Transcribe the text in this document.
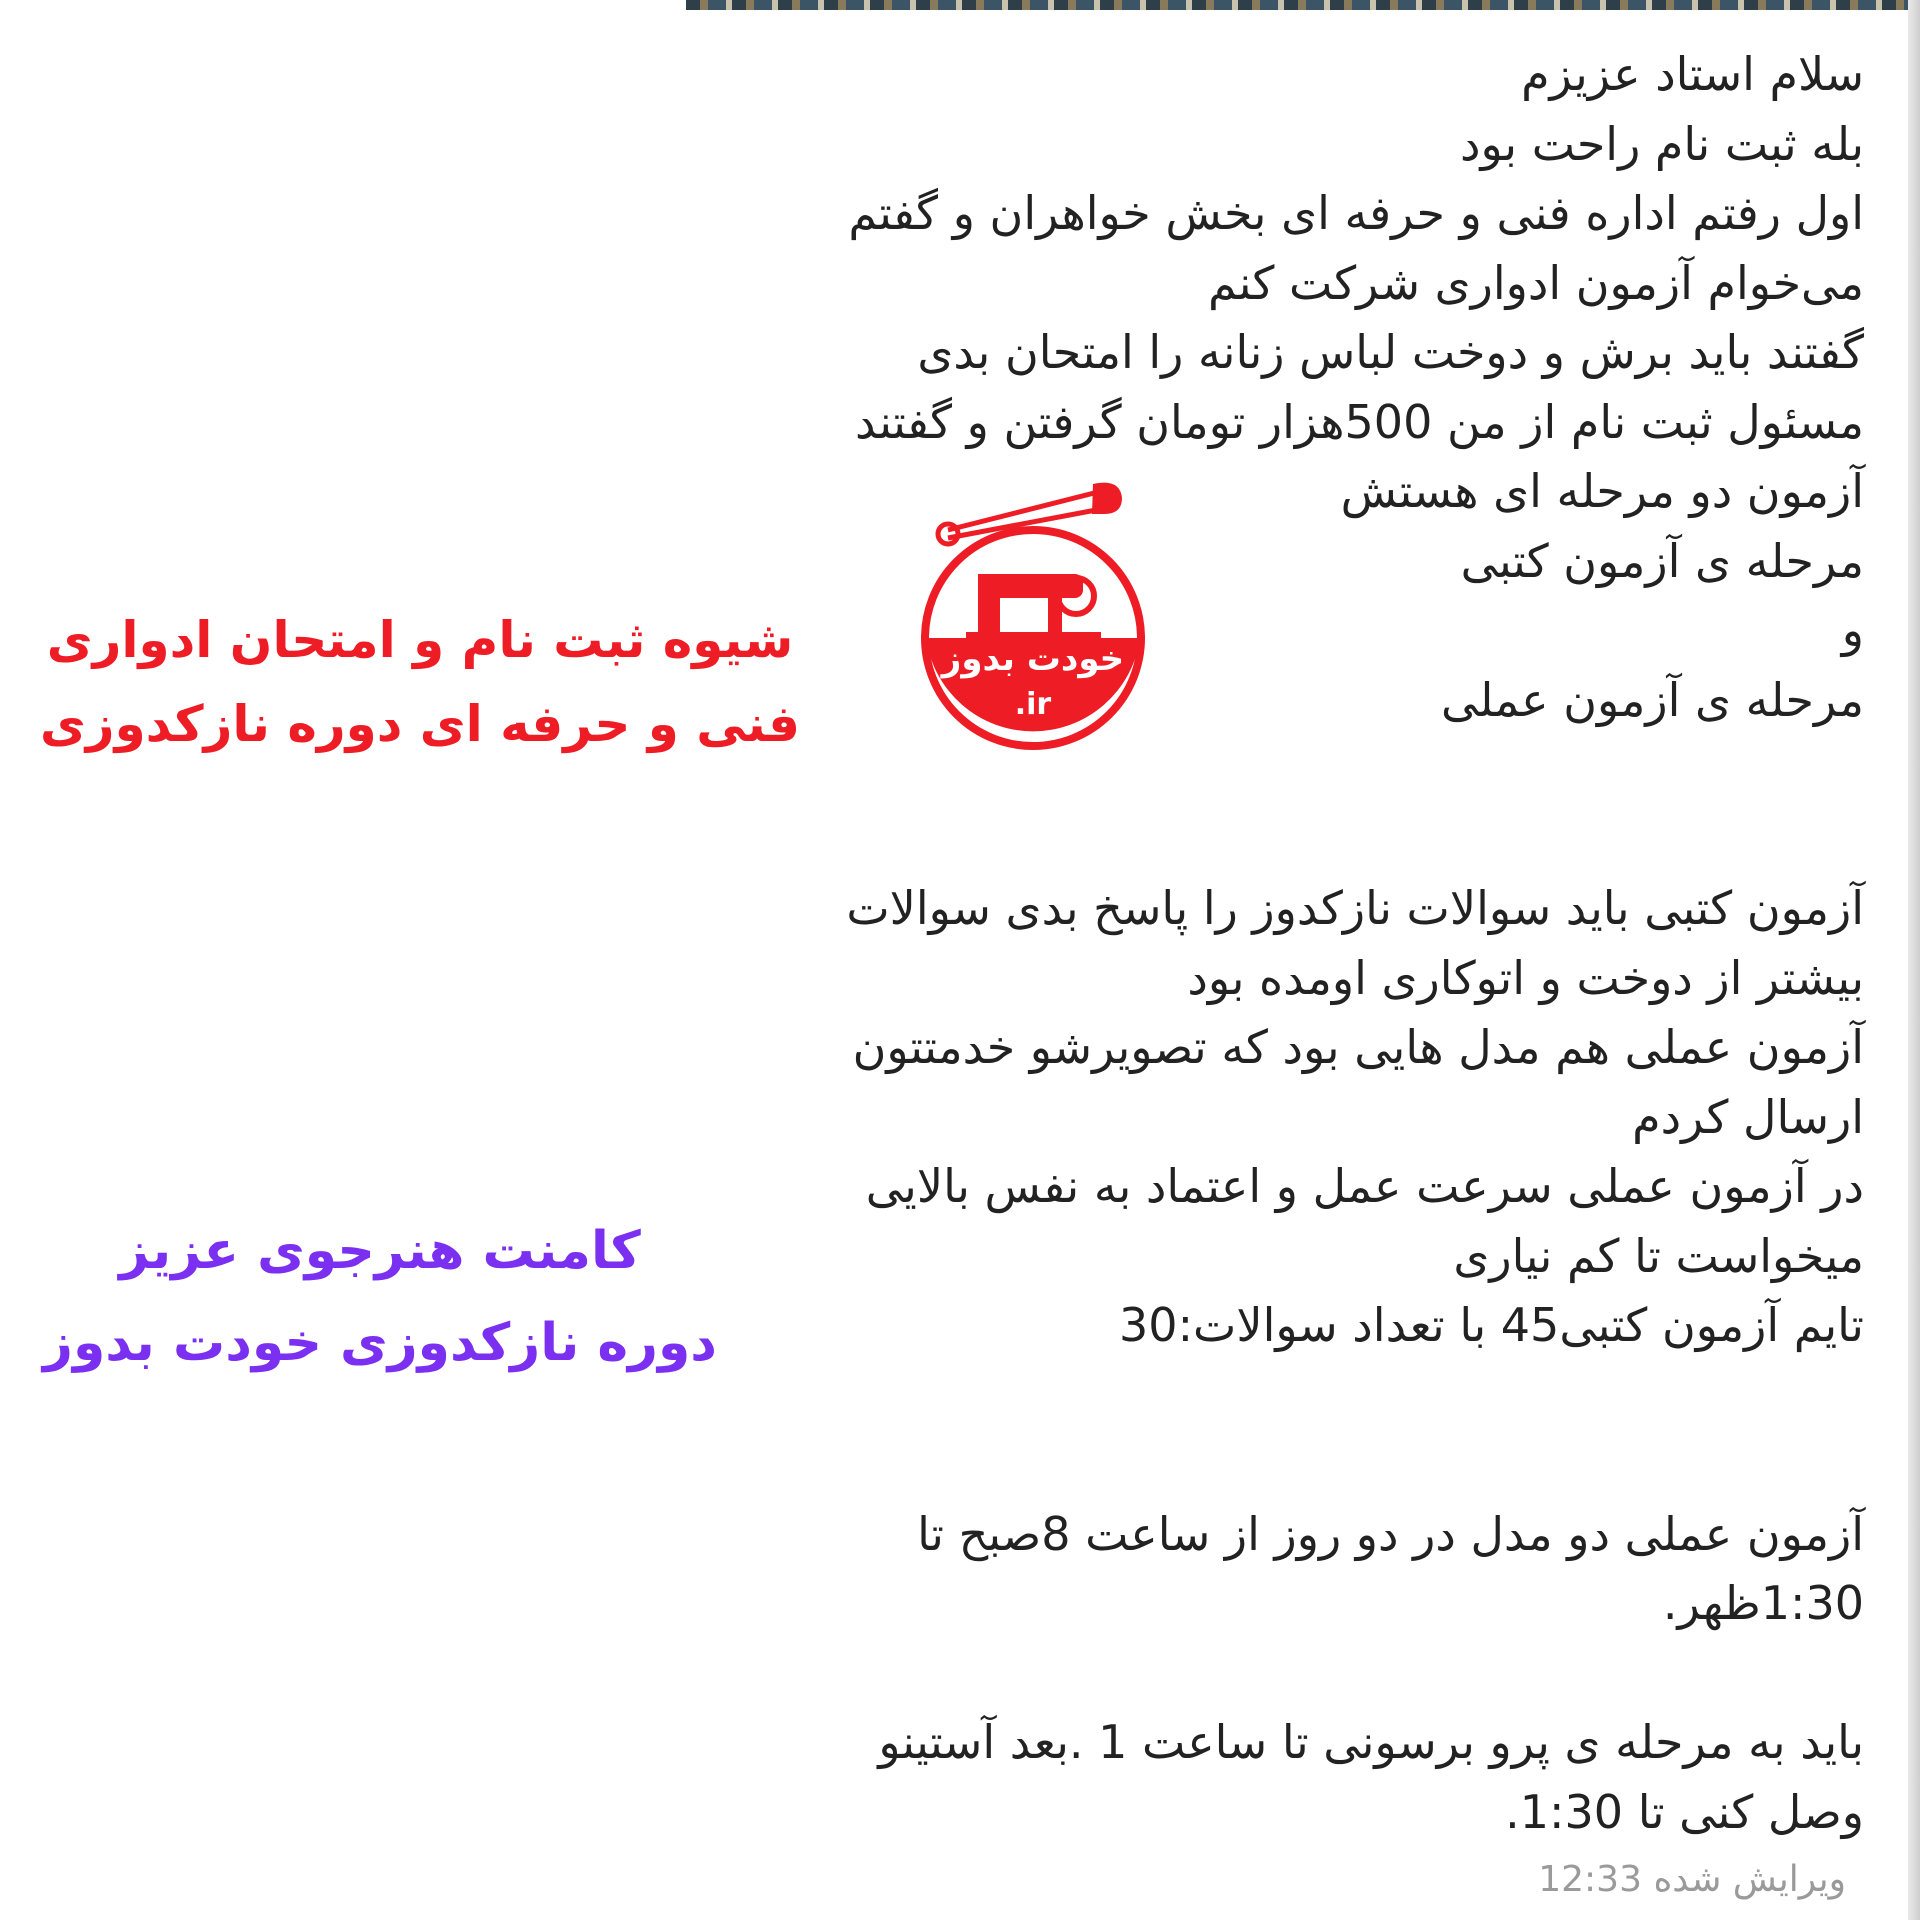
سلام استاد عزیزم
بله ثبت نام راحت بود
اول رفتم اداره فنی و حرفه ای بخش خواهران و گفتم
می‌خوام آزمون ادواری شرکت کنم
گفتند باید برش و دوخت لباس زنانه را امتحان بدی
مسئول ثبت نام از من 500هزار تومان گرفتن و گفتند
آزمون دو مرحله ای هستش
مرحله ی آزمون کتبی
و
مرحله ی آزمون عملی
آزمون کتبی باید سوالات نازکدوز را پاسخ بدی سوالات
بیشتر از دوخت و اتوکاری اومده بود
آزمون عملی هم مدل هایی بود که تصویرشو خدمتتون
ارسال کردم
در آزمون عملی سرعت عمل و اعتماد به نفس بالایی
میخواست تا کم نیاری
تایم آزمون کتبی45 با تعداد سوالات:30
آزمون عملی دو مدل در دو روز از ساعت 8صبح تا
1:30ظهر.
باید به مرحله ی پرو برسونی تا ساعت 1 .بعد آستینو
وصل کنی تا 1:30.
ویرایش شده 12:33
خودت بدوز
.ir
شیوه ثبت نام و امتحان ادواری
فنی و حرفه ای دوره نازکدوزی
کامنت هنرجوی عزیز
دوره نازکدوزی خودت بدوز
